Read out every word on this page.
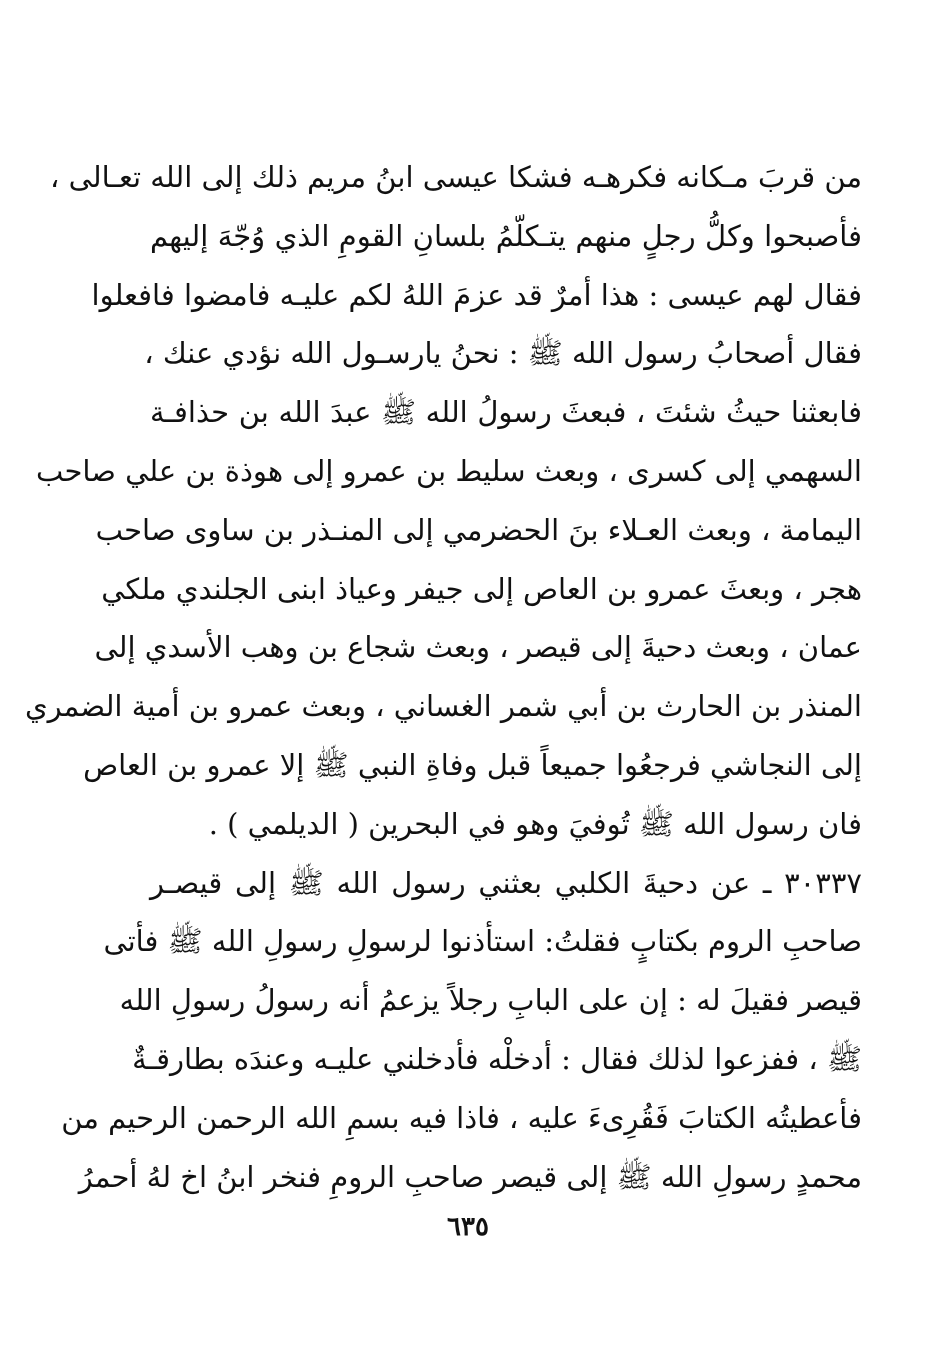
من قربَ مـكانه فكرهـه فشكا عيسى ابنُ مريم ذلك إلى الله تعـالى ،
فأصبحوا وكلُّ رجلٍ منهم يتـكلّمُ بلسانِ القومِ الذي وُجّهَ إليهم
فقال لهم عيسى : هذا أمرٌ قد عزمَ اللهُ لكم عليـه فامضوا فافعلوا
فقال أصحابُ رسول الله ﷺ : نحنُ يارسـول الله نؤدي عنك ،
فابعثنا حيثُ شئتَ ، فبعثَ رسولُ الله ﷺ عبدَ الله بن حذافـة
السهمي إلى كسرى ، وبعث سليط بن عمرو إلى هوذة بن علي صاحب
اليمامة ، وبعث العـلاء بنَ الحضرمي إلى المنـذر بن ساوى صاحب
هجر ، وبعثَ عمرو بن العاص إلى جيفر وعياذ ابنى الجلندي ملكي
عمان ، وبعث دحيةَ إلى قيصر ، وبعث شجاع بن وهب الأسدي إلى
المنذر بن الحارث بن أبي شمر الغساني ، وبعث عمرو بن أمية الضمري
إلى النجاشي فرجعُوا جميعاً قبل وفاةِ النبي ﷺ إلا عمرو بن العاص
فان رسول الله ﷺ تُوفيَ وهو في البحرين ( الديلمي ) .
٣٠٣٣٧ ـ عن دحيةَ الكلبي بعثني رسول الله ﷺ إلى قيصـر
صاحبِ الروم بكتابٍ فقلتُ: استأذنوا لرسولِ رسولِ الله ﷺ فأتى
قيصر فقيلَ له : إن على البابِ رجلاً يزعمُ أنه رسولُ رسولِ الله
ﷺ ، ففزعوا لذلك فقال : أدخلْه فأدخلني عليـه وعندَه بطارقـةٌ
فأعطيتُه الكتابَ فَقُرِىءَ عليه ، فاذا فيه بسمِ الله الرحمن الرحيم من
محمدٍ رسولِ الله ﷺ إلى قيصر صاحبِ الرومِ فنخر ابنُ اخ لهُ أحمرُ
٦٣٥
